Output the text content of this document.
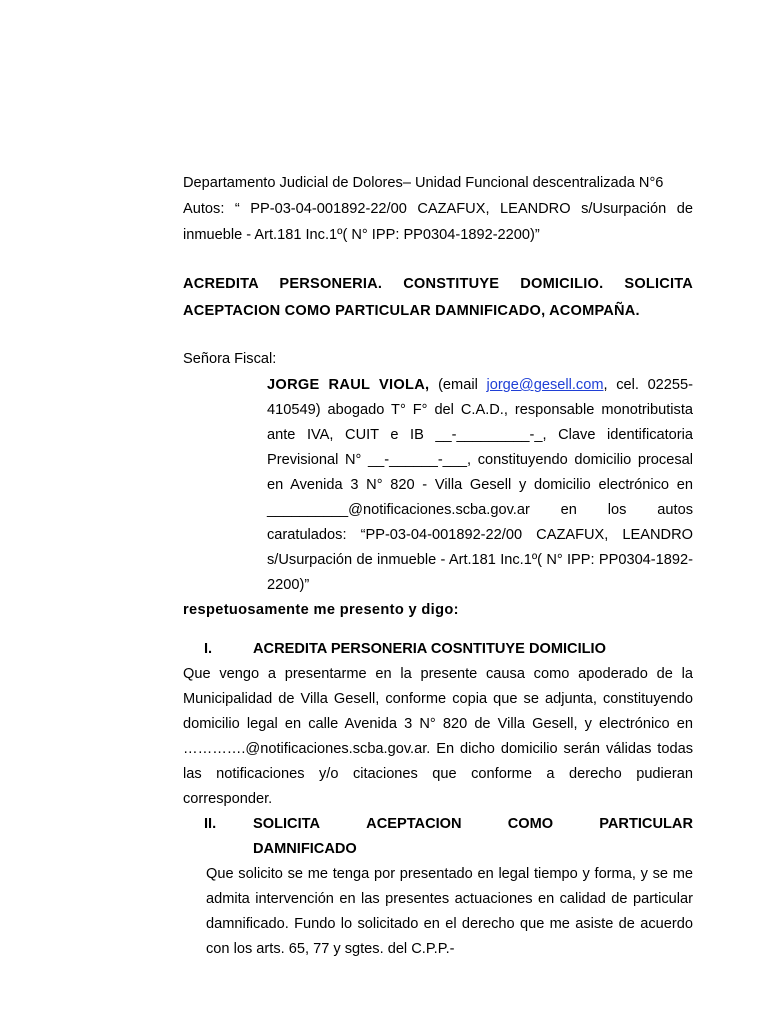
Departamento Judicial de Dolores– Unidad Funcional descentralizada N°6

Autos: “ PP-03-04-001892-22/00 CAZAFUX, LEANDRO s/Usurpación de

inmueble - Art.181 Inc.1º( N° IPP: PP0304-1892-2200)”

ACREDITA PERSONERIA. CONSTITUYE DOMICILIO. SOLICITA

ACEPTACION COMO PARTICULAR DAMNIFICADO, ACOMPAÑA.

Señora Fiscal:

JORGE RAUL VIOLA, (email jorge@gesell.com, cel. 02255-410549) abogado T° F° del C.A.D., responsable monotributista ante IVA, CUIT e IB __-_________-_, Clave identificatoria Previsional N° __-______-___, constituyendo domicilio procesal en Avenida 3 N° 820 - Villa Gesell y domicilio electrónico en __________@notificaciones.scba.gov.ar en los autos caratulados: “PP-03-04-001892-22/00 CAZAFUX, LEANDRO s/Usurpación de inmueble - Art.181 Inc.1º( N° IPP: PP0304-1892-2200)”

respetuosamente me presento y digo:

I.	ACREDITA PERSONERIA COSNTITUYE DOMICILIO

Que vengo a presentarme en la presente causa como apoderado de la Municipalidad de Villa Gesell, conforme copia que se adjunta, constituyendo domicilio legal en calle Avenida 3 N° 820 de Villa Gesell, y electrónico en ………….@notificaciones.scba.gov.ar. En dicho domicilio serán válidas todas las notificaciones y/o citaciones que conforme a derecho pudieran corresponder.

II.	SOLICITA	ACEPTACION	COMO	PARTICULAR
DAMNIFICADO

Que solicito se me tenga por presentado en legal tiempo y forma, y se me admita intervención en las presentes actuaciones en calidad de particular damnificado. Fundo lo solicitado en el derecho que me asiste de acuerdo con los arts. 65, 77 y sgtes. del C.P.P.-
